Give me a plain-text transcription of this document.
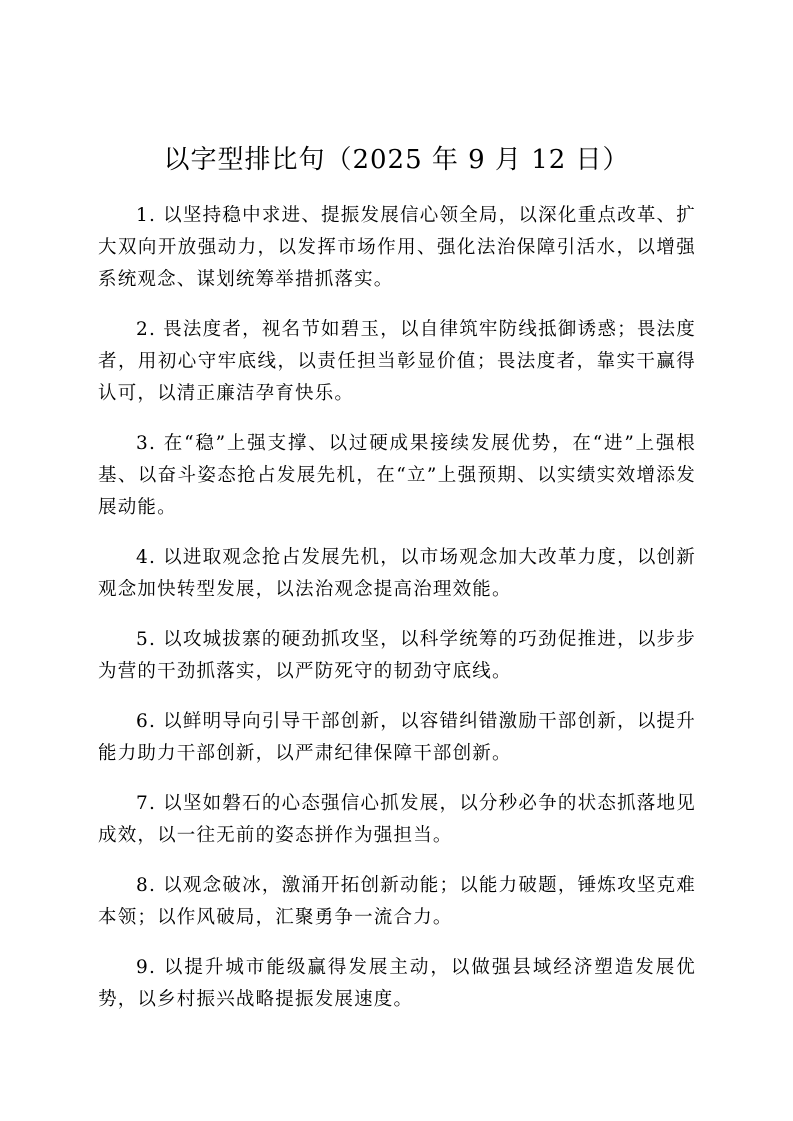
以字型排比句（2025 年 9 月 12 日）

1. 以坚持稳中求进、提振发展信心领全局，以深化重点改革、扩大双向开放强动力，以发挥市场作用、强化法治保障引活水，以增强系统观念、谋划统筹举措抓落实。

2. 畏法度者，视名节如碧玉，以自律筑牢防线抵御诱惑；畏法度者，用初心守牢底线，以责任担当彰显价值；畏法度者，靠实干赢得认可，以清正廉洁孕育快乐。

3. 在“稳”上强支撑、以过硬成果接续发展优势，在“进”上强根基、以奋斗姿态抢占发展先机，在“立”上强预期、以实绩实效增添发展动能。

4. 以进取观念抢占发展先机，以市场观念加大改革力度，以创新观念加快转型发展，以法治观念提高治理效能。

5. 以攻城拔寨的硬劲抓攻坚，以科学统筹的巧劲促推进，以步步为营的干劲抓落实，以严防死守的韧劲守底线。

6. 以鲜明导向引导干部创新，以容错纠错激励干部创新，以提升能力助力干部创新，以严肃纪律保障干部创新。

7. 以坚如磐石的心态强信心抓发展，以分秒必争的状态抓落地见成效，以一往无前的姿态拼作为强担当。

8. 以观念破冰，激涌开拓创新动能；以能力破题，锤炼攻坚克难本领；以作风破局，汇聚勇争一流合力。

9. 以提升城市能级赢得发展主动，以做强县域经济塑造发展优势，以乡村振兴战略提振发展速度。
